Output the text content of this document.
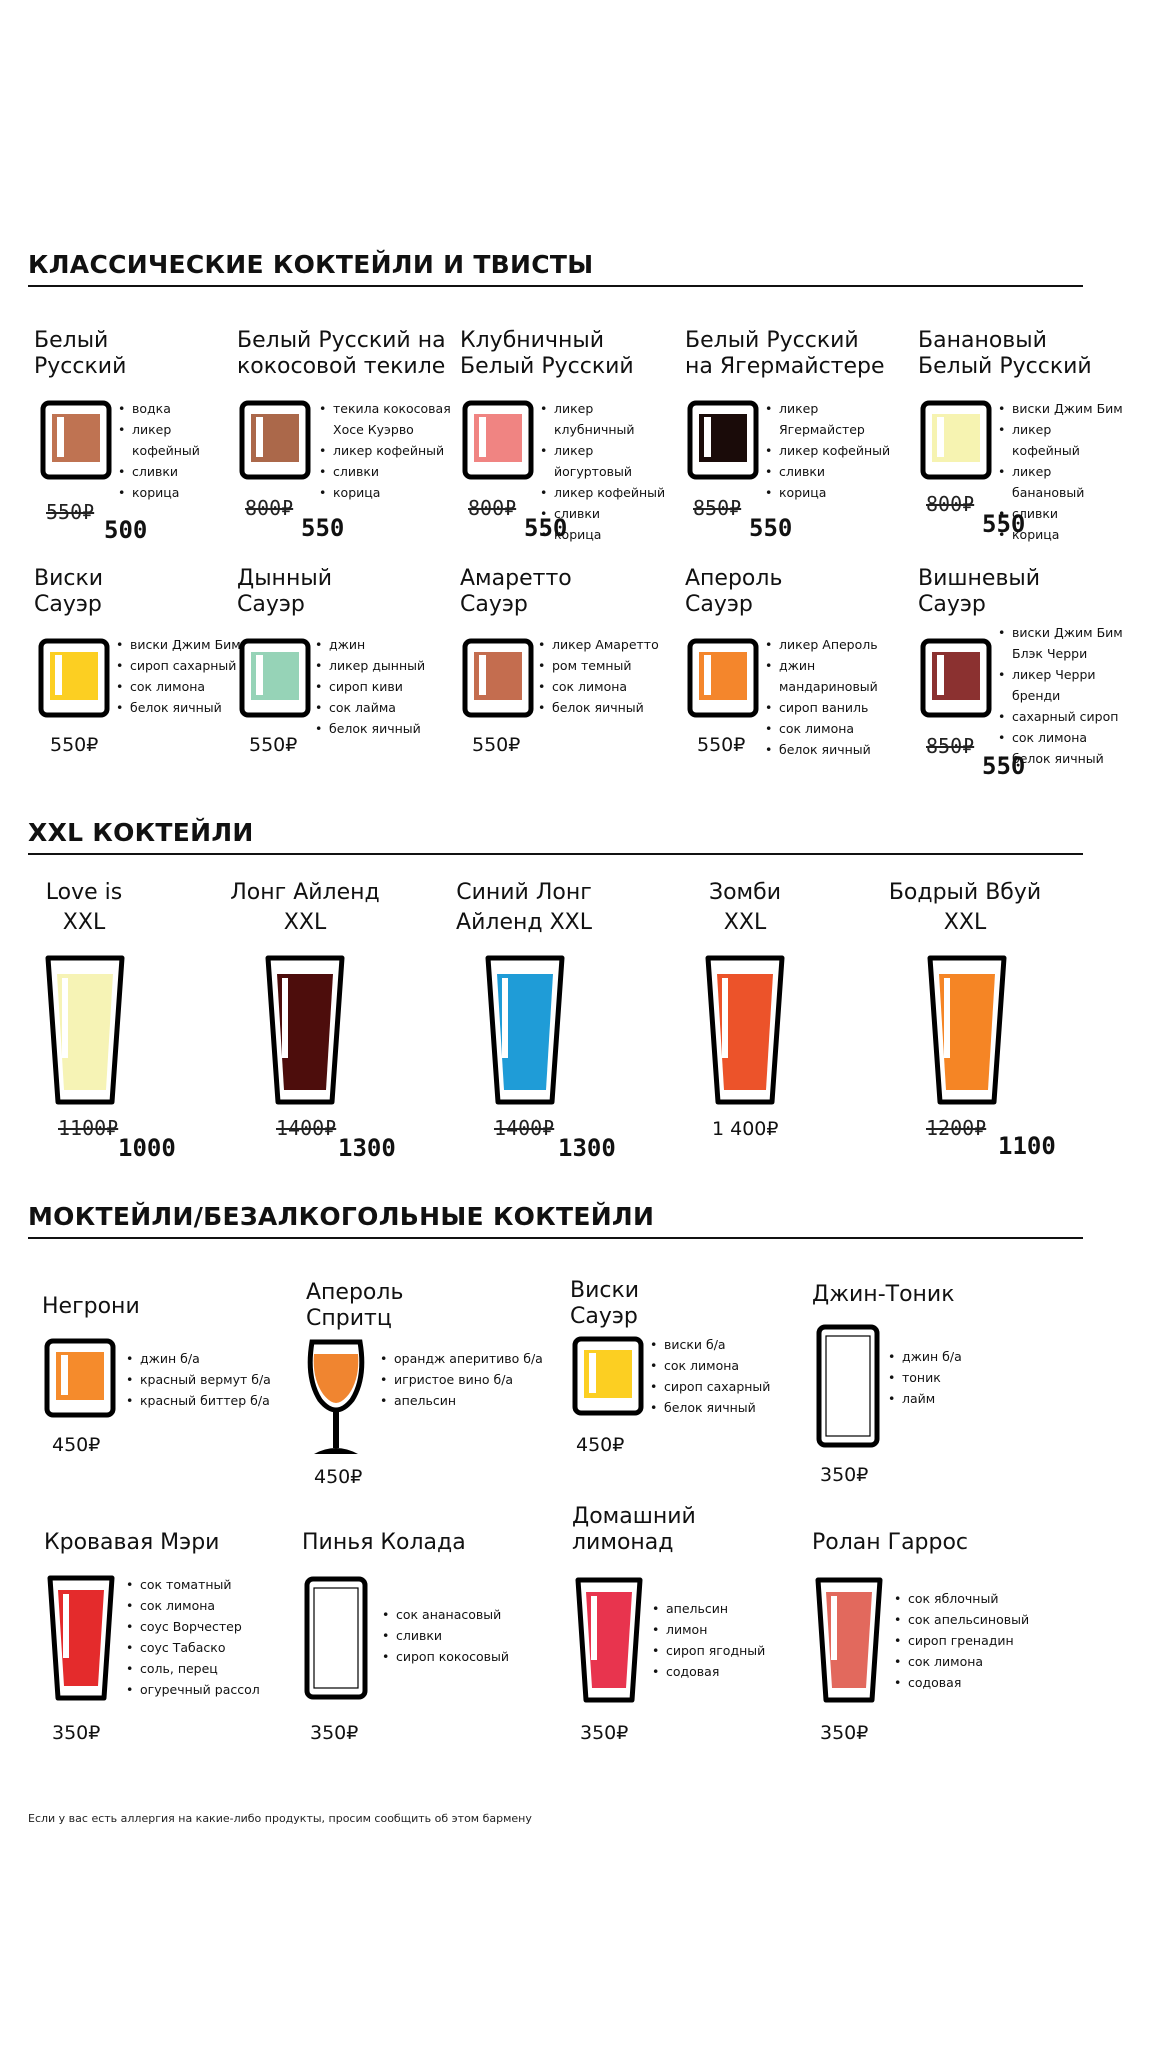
КЛАССИЧЕСКИЕ КОКТЕЙЛИ И ТВИСТЫ
Белый
Русский
• водка
• ликер
кофейный
• сливки
• корица
550₽
500
Белый Русский на
кокосовой текиле
• текила кокосовая
Хосе Куэрво
• ликер кофейный
• сливки
• корица
800₽
550
Клубничный
Белый Русский
• ликер клубничный
• ликер йогуртовый
• ликер кофейный
• сливки
• корица
800₽
550
Белый Русский
на Ягермайстере
• ликер
Ягермайстер
• ликер кофейный
• сливки
• корица
850₽
550
Банановый
Белый Русский
• виски Джим Бим
• ликер кофейный
• ликер банановый
• сливки
• корица
800₽
550
Виски
Сауэр
• виски Джим Бим
• сироп сахарный
• сок лимона
• белок яичный
550₽
Дынный
Сауэр
• джин
• ликер дынный
• сироп киви
• сок лайма
• белок яичный
550₽
Амаретто
Сауэр
• ликер Амаретто
• ром темный
• сок лимона
• белок яичный
550₽
Апероль
Сауэр
• ликер Апероль
• джин мандариновый
• сироп ваниль
• сок лимона
• белок яичный
550₽
Вишневый
Сауэр
• виски Джим Бим
Блэк Черри
• ликер Черри бренди
• сахарный сироп
• сок лимона
• белок яичный
850₽
550
XXL КОКТЕЙЛИ
Love is
XXL
1100₽
1000
Лонг Айленд
XXL
1400₽
1300
Синий Лонг
Айленд XXL
1400₽
1300
Зомби
XXL
1 400₽
Бодрый Вбуй
XXL
1200₽
1100
МОКТЕЙЛИ/БЕЗАЛКОГОЛЬНЫЕ КОКТЕЙЛИ
Негрони
• джин б/а
• красный вермут б/а
• красный биттер б/а
450₽
Апероль
Спритц
• орандж аперитиво б/а
• игристое вино б/а
• апельсин
450₽
Виски
Сауэр
• виски б/а
• сок лимона
• сироп сахарный
• белок яичный
450₽
Джин-Тоник
• джин б/а
• тоник
• лайм
350₽
Кровавая Мэри
• сок томатный
• сок лимона
• соус Ворчестер
• соус Табаско
• соль, перец
• огуречный рассол
350₽
Пинья Колада
• сок ананасовый
• сливки
• сироп кокосовый
350₽
Домашний
лимонад
• апельсин
• лимон
• сироп ягодный
• содовая
350₽
Ролан Гаррос
• сок яблочный
• сок апельсиновый
• сироп гренадин
• сок лимона
• содовая
350₽
Если у вас есть аллергия на какие-либо продукты, просим сообщить об этом бармену
